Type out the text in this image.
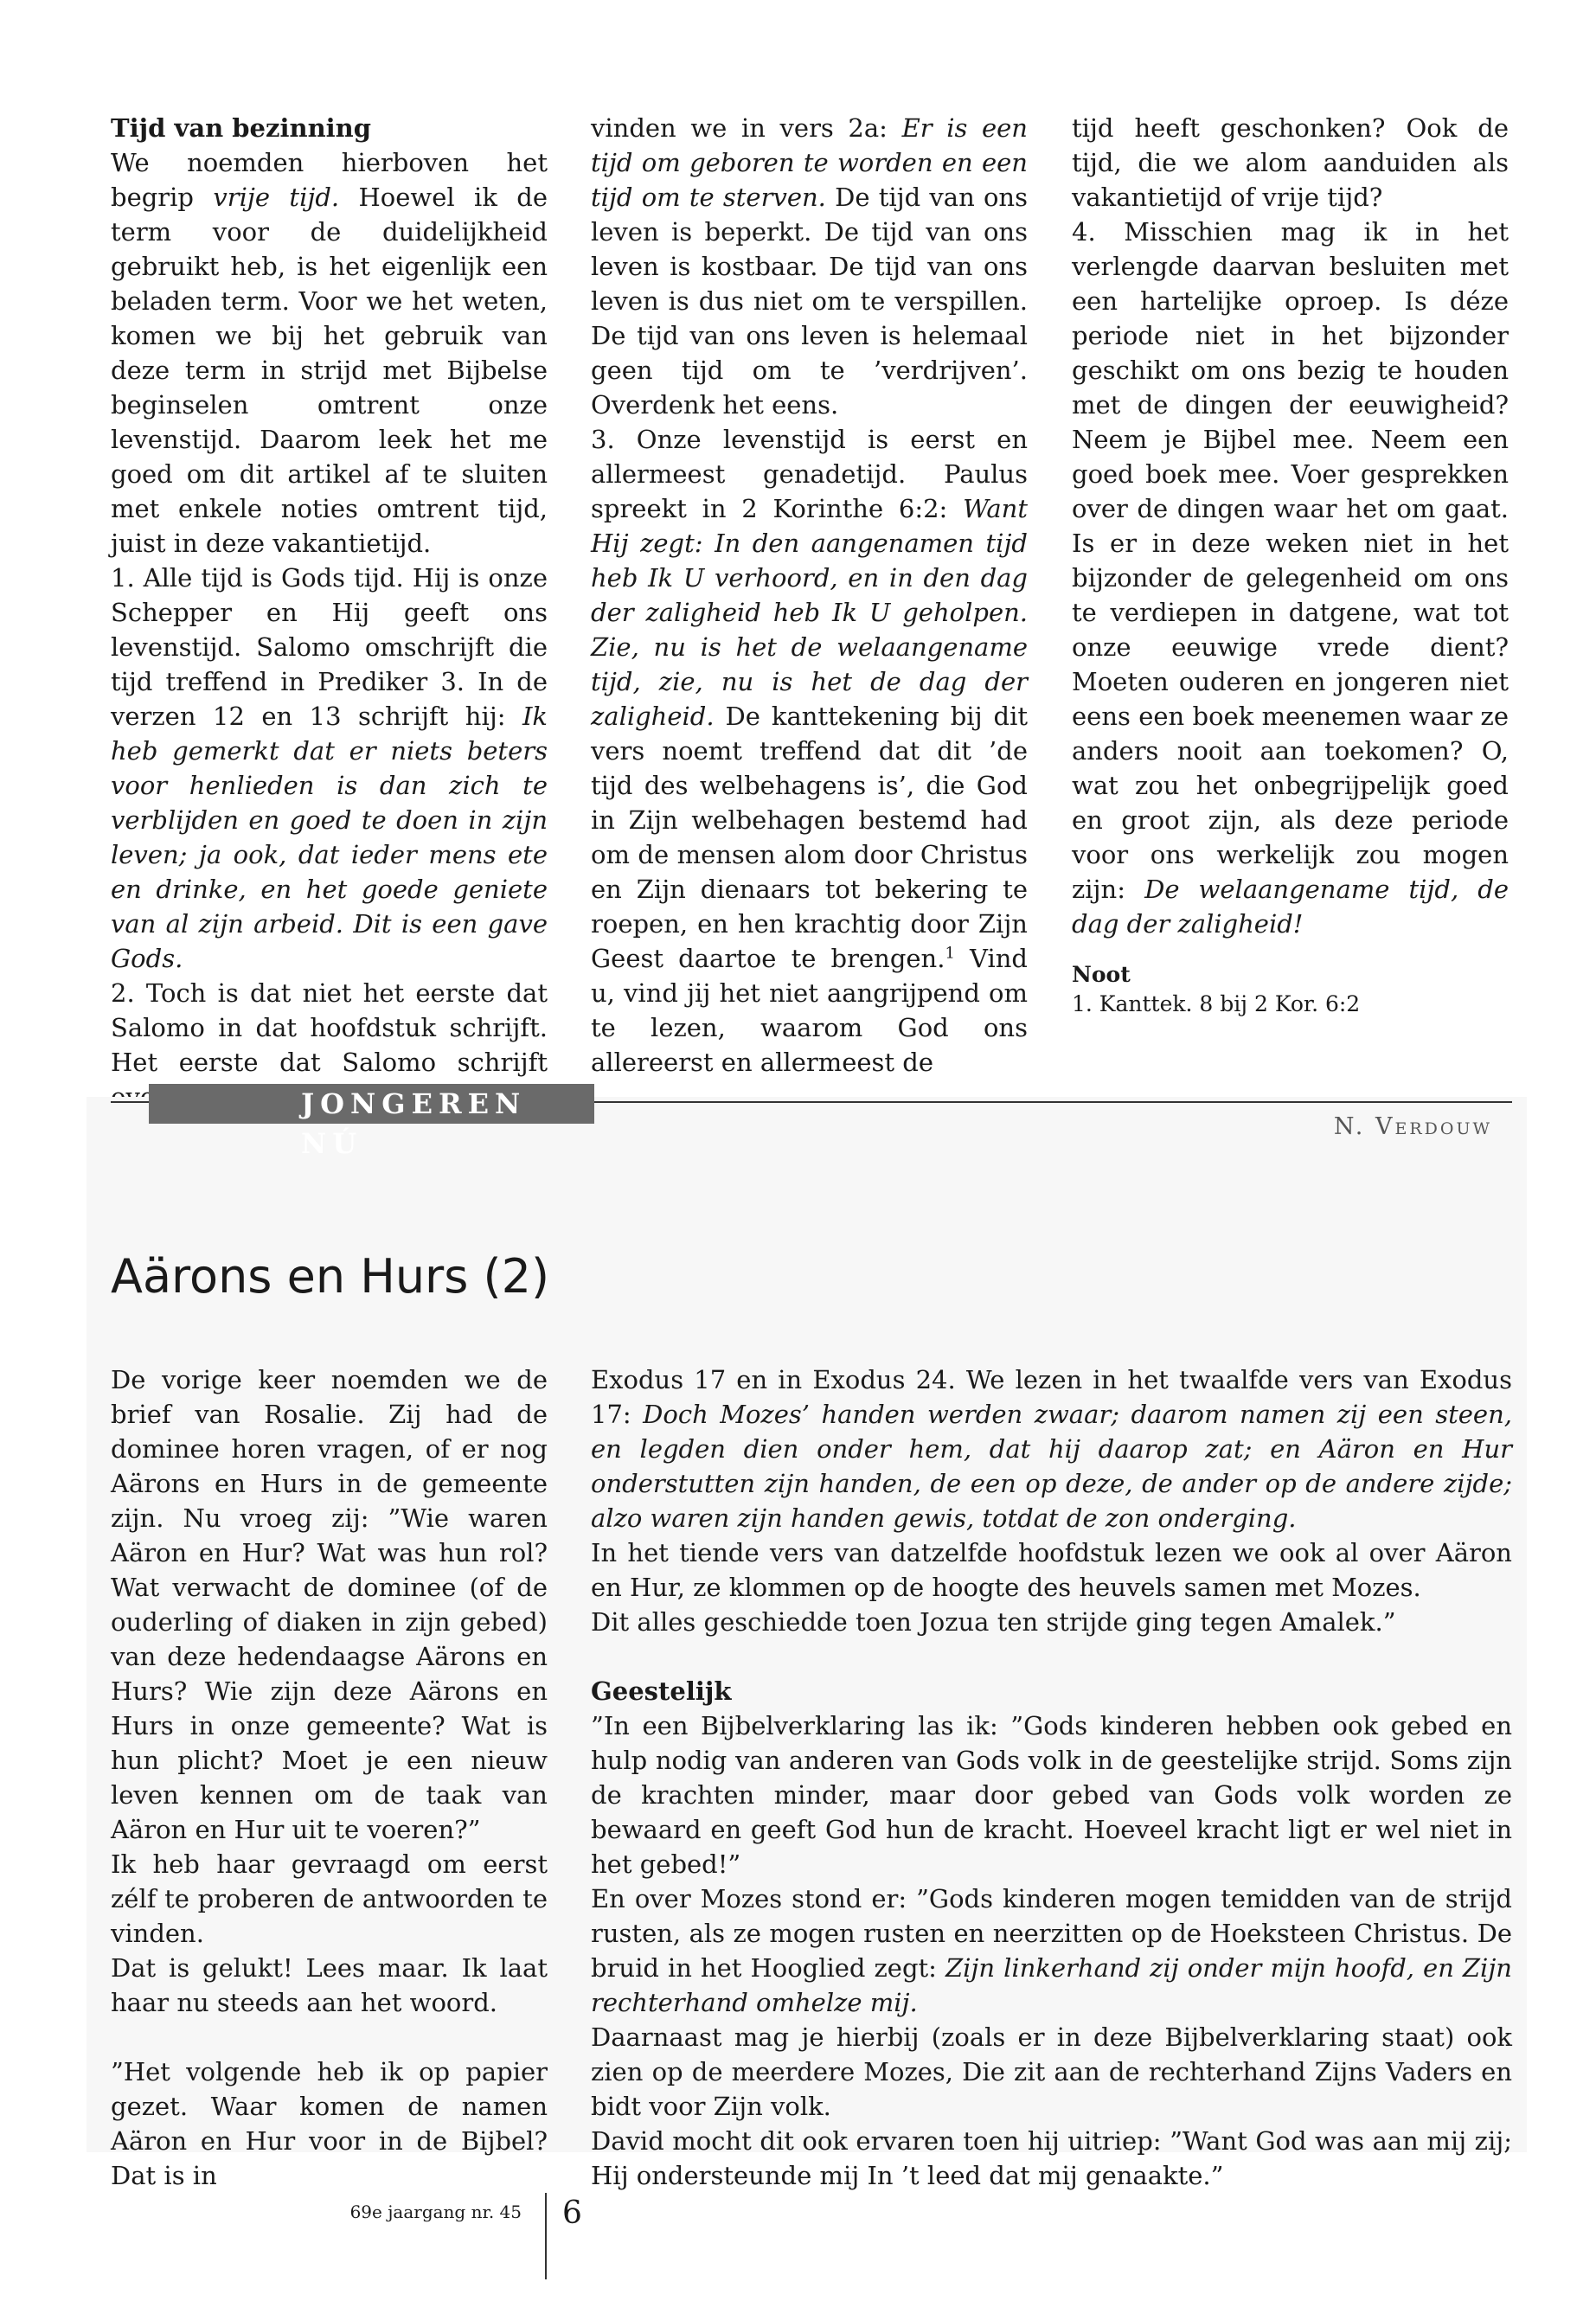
Tijd van bezinning

We noemden hierboven het begrip vrije tijd. Hoewel ik de term voor de duidelijkheid gebruikt heb, is het eigenlijk een beladen term. Voor we het weten, komen we bij het gebruik van deze term in strijd met Bijbelse beginselen omtrent onze levenstijd. Daarom leek het me goed om dit artikel af te sluiten met enkele noties omtrent tijd, juist in deze vakantietijd.

1. Alle tijd is Gods tijd. Hij is onze Schepper en Hij geeft ons levenstijd. Salomo omschrijft die tijd treffend in Prediker 3. In de verzen 12 en 13 schrijft hij: Ik heb gemerkt dat er niets beters voor henlieden is dan zich te verblijden en goed te doen in zijn leven; ja ook, dat ieder mens ete en drinke, en het goede geniete van al zijn arbeid. Dit is een gave Gods.

2. Toch is dat niet het eerste dat Salomo in dat hoofdstuk schrijft. Het eerste dat Salomo schrijft

vinden we in vers 2a: Er is een tijd om geboren te worden en een tijd om te sterven. De tijd van ons leven is beperkt. De tijd van ons leven is kostbaar. De tijd van ons leven is dus niet om te verspillen. De tijd van ons leven is helemaal geen tijd om te ’verdrijven’. Overdenk het eens.

3. Onze levenstijd is eerst en allermeest genadetijd. Paulus spreekt in 2 Korinthe 6:2: Want Hij zegt: In den aangenamen tijd heb Ik U verhoord, en in den dag der zaligheid heb Ik U geholpen. Zie, nu is het de welaangename tijd, zie, nu is het de dag der zaligheid. De kanttekening bij dit vers noemt treffend dat dit ’de tijd des welbehagens is’, die God in Zijn welbehagen bestemd had om de mensen alom door Christus en Zijn dienaars tot bekering te roepen, en hen krachtig door Zijn Geest daartoe te brengen.$^1$ Vind u, vind jij het niet aangrijpend om te lezen, waarom God ons allereerst en allermeest de

tijd heeft geschonken? Ook de tijd, die we alom aanduiden als vakantietijd of vrije tijd?

4. Misschien mag ik in het verlengde daarvan besluiten met een hartelijke oproep. Is déze periode niet in het bijzonder geschikt om ons bezig te houden met de dingen der eeuwigheid? Neem je Bijbel mee. Neem een goed boek mee. Voer gesprekken over de dingen waar het om gaat. Is er in deze weken niet in het bijzonder de gelegenheid om ons te verdiepen in datgene, wat tot onze eeuwige vrede dient? Moeten ouderen en jongeren niet eens een boek meenemen waar ze anders nooit aan toekomen? O, wat zou het onbegrijpelijk goed en groot zijn, als deze periode voor ons werkelijk zou mogen zijn: De welaangename tijd, de dag der zaligheid!

Noot

1. Kanttek. 8 bij 2 Kor. 6:2

JONGEREN NÚ
N. Verdouw
Aärons en Hurs (2)

De vorige keer noemden we de brief van Rosalie. Zij had de dominee horen vragen, of er nog Aärons en Hurs in de gemeente zijn. Nu vroeg zij: ”Wie waren Aäron en Hur? Wat was hun rol? Wat verwacht de dominee (of de ouderling of diaken in zijn gebed) van deze hedendaagse Aärons en Hurs? Wie zijn deze Aärons en Hurs in onze gemeente? Wat is hun plicht? Moet je een nieuw leven kennen om de taak van Aäron en Hur uit te voeren?”

Ik heb haar gevraagd om eerst zélf te proberen de antwoorden te vinden.

Dat is gelukt! Lees maar. Ik laat haar nu steeds aan het woord.

”Het volgende heb ik op papier gezet. Waar komen de namen Aäron en Hur voor in de Bijbel? Dat is in

Exodus 17 en in Exodus 24. We lezen in het twaalfde vers van Exodus 17: Doch Mozes’ handen werden zwaar; daarom namen zij een steen, en legden dien onder hem, dat hij daarop zat; en Aäron en Hur onderstutten zijn handen, de een op deze, de ander op de andere zijde; alzo waren zijn handen gewis, totdat de zon onderging.

In het tiende vers van datzelfde hoofdstuk lezen we ook al over Aäron en Hur, ze klommen op de hoogte des heuvels samen met Mozes.

Dit alles geschiedde toen Jozua ten strijde ging tegen Amalek.”

Geestelijk

”In een Bijbelverklaring las ik: ”Gods kinderen hebben ook gebed en hulp nodig van anderen van Gods volk in de geestelijke strijd. Soms zijn de krachten minder, maar door gebed van Gods volk worden ze bewaard en geeft God hun de kracht. Hoeveel kracht ligt er wel niet in het gebed!”

En over Mozes stond er: ”Gods kinderen mogen temidden van de strijd rusten, als ze mogen rusten en neerzitten op de Hoeksteen Christus. De bruid in het Hooglied zegt: Zijn linkerhand zij onder mijn hoofd, en Zijn rechterhand omhelze mij.

Daarnaast mag je hierbij (zoals er in deze Bijbelverklaring staat) ook zien op de meerdere Mozes, Die zit aan de rechterhand Zijns Vaders en bidt voor Zijn volk.

David mocht dit ook ervaren toen hij uitriep: ”Want God was aan mij zij; Hij ondersteunde mij In ’t leed dat mij genaakte.”

69e jaargang nr. 45 6
